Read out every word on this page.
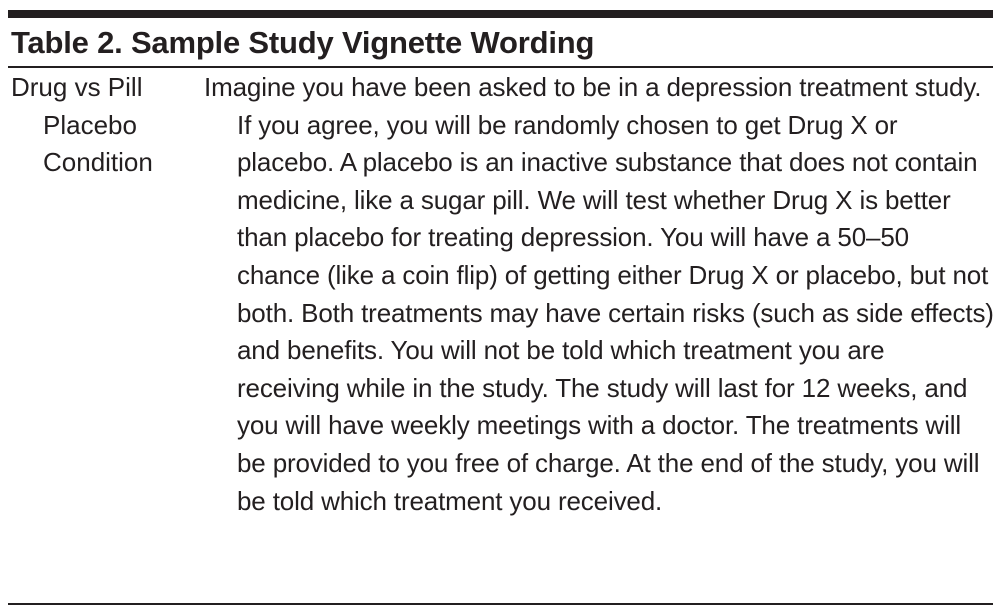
Table 2. Sample Study Vignette Wording
Drug vs Pill Placebo Condition
Imagine you have been asked to be in a depression treatment study. If you agree, you will be randomly chosen to get Drug X or placebo. A placebo is an inactive substance that does not contain medicine, like a sugar pill. We will test whether Drug X is better than placebo for treating depression. You will have a 50–50 chance (like a coin flip) of getting either Drug X or placebo, but not both. Both treatments may have certain risks (such as side effects) and benefits. You will not be told which treatment you are receiving while in the study. The study will last for 12 weeks, and you will have weekly meetings with a doctor. The treatments will be provided to you free of charge. At the end of the study, you will be told which treatment you received.
